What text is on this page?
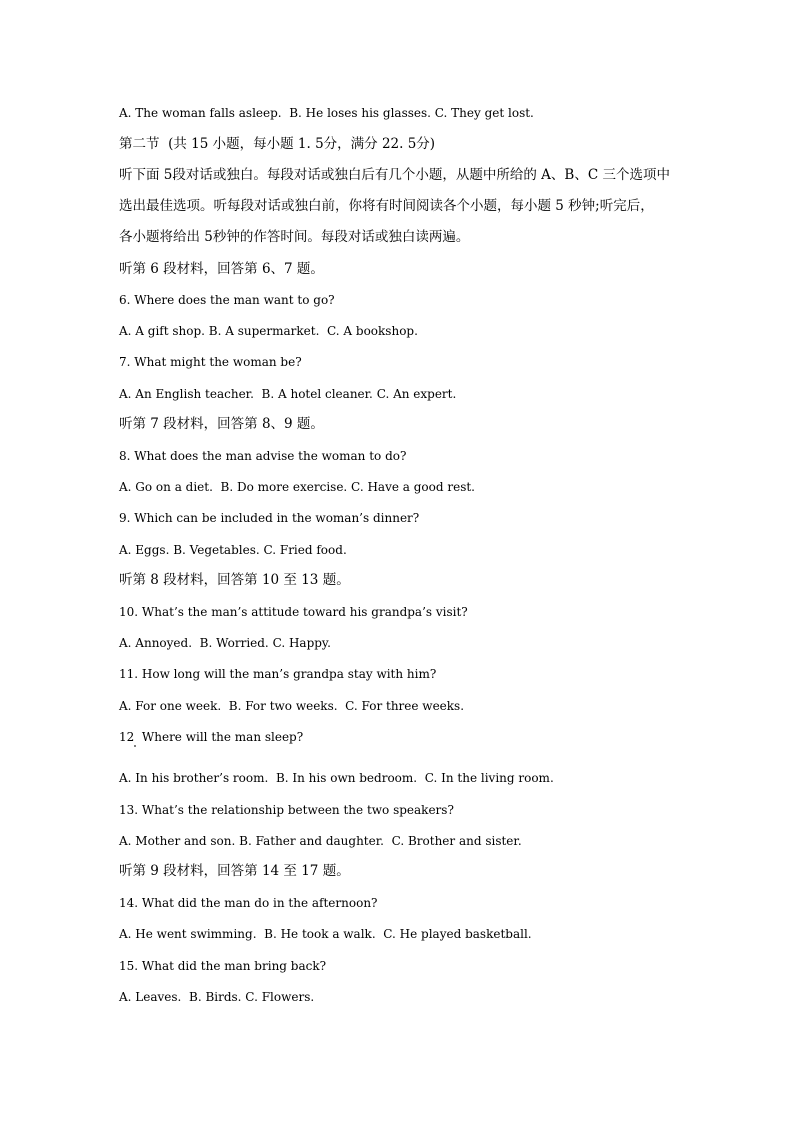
A. The woman falls asleep.  B. He loses his glasses. C. They get lost.
第二节  (共 15 小题，每小题 1. 5分，满分 22. 5分)
听下面 5段对话或独白。每段对话或独白后有几个小题，从题中所给的 A、B、C 三个选项中
选出最佳选项。听每段对话或独白前，你将有时间阅读各个小题，每小题 5 秒钟;听完后，
各小题将给出 5秒钟的作答时间。每段对话或独白读两遍。
听第 6 段材料，回答第 6、7 题。
6. Where does the man want to go?
A. A gift shop. B. A supermarket.  C. A bookshop.
7. What might the woman be?
A. An English teacher.  B. A hotel cleaner. C. An expert.
听第 7 段材料，回答第 8、9 题。
8. What does the man advise the woman to do?
A. Go on a diet.  B. Do more exercise. C. Have a good rest.
9. Which can be included in the woman’s dinner?
A. Eggs. B. Vegetables. C. Fried food.
听第 8 段材料，回答第 10 至 13 题。
10. What’s the man’s attitude toward his grandpa’s visit?
A. Annoyed.  B. Worried. C. Happy.
11. How long will the man’s grandpa stay with him?
A. For one week.  B. For two weeks.  C. For three weeks.
12  Where will the man sleep?
A. In his brother’s room.  B. In his own bedroom.  C. In the living room.
13. What’s the relationship between the two speakers?
A. Mother and son. B. Father and daughter.  C. Brother and sister.
听第 9 段材料，回答第 14 至 17 题。
14. What did the man do in the afternoon?
A. He went swimming.  B. He took a walk.  C. He played basketball.
15. What did the man bring back?
A. Leaves.  B. Birds. C. Flowers.
